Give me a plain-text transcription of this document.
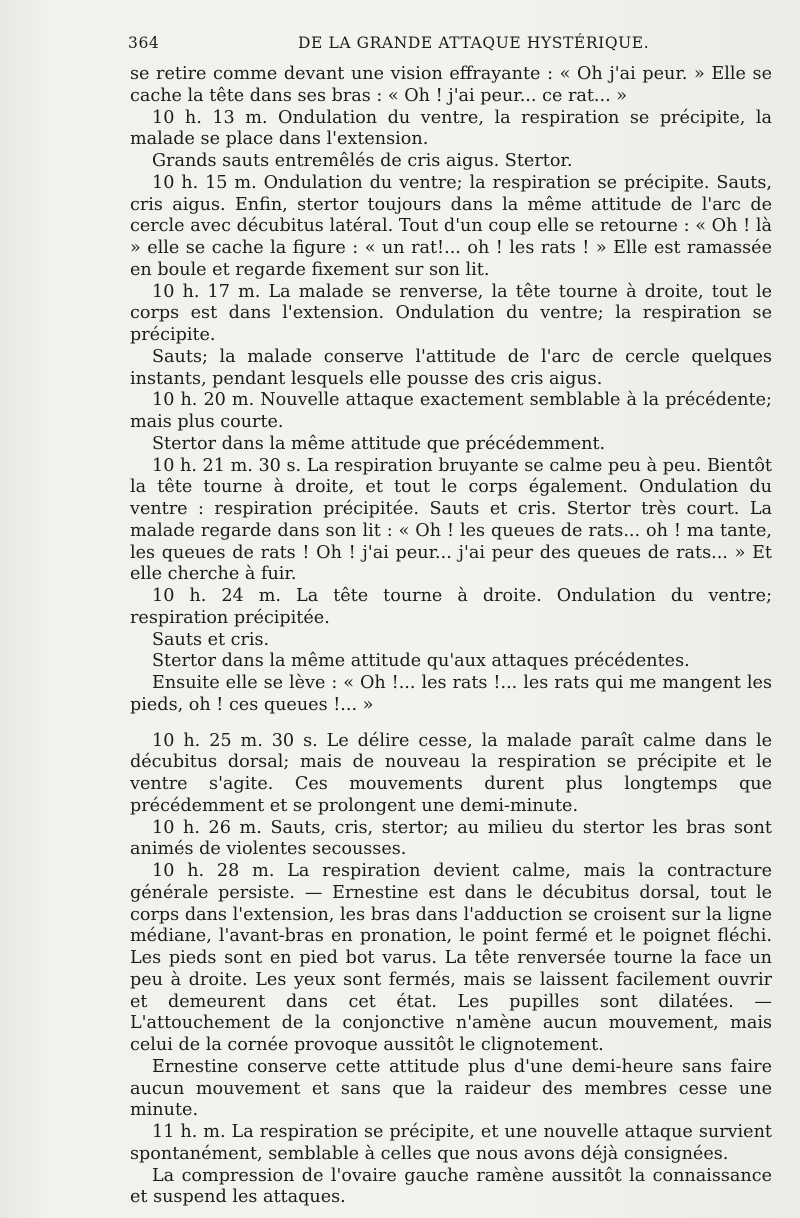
364	DE LA GRANDE ATTAQUE HYSTÉRIQUE.

se retire comme devant une vision effrayante : « Oh j'ai peur. » Elle se cache la tête dans ses bras : « Oh ! j'ai peur... ce rat... »

10 h. 13 m. Ondulation du ventre, la respiration se précipite, la malade se place dans l'extension.

Grands sauts entremêlés de cris aigus. Stertor.

10 h. 15 m. Ondulation du ventre; la respiration se précipite. Sauts, cris aigus. Enfin, stertor toujours dans la même attitude de l'arc de cercle avec décubitus latéral. Tout d'un coup elle se retourne : « Oh ! là » elle se cache la figure : « un rat!... oh ! les rats ! » Elle est ramassée en boule et regarde fixement sur son lit.

10 h. 17 m. La malade se renverse, la tête tourne à droite, tout le corps est dans l'extension. Ondulation du ventre; la respiration se précipite.

Sauts; la malade conserve l'attitude de l'arc de cercle quelques instants, pendant lesquels elle pousse des cris aigus.

10 h. 20 m. Nouvelle attaque exactement semblable à la précédente; mais plus courte.

Stertor dans la même attitude que précédemment.

10 h. 21 m. 30 s. La respiration bruyante se calme peu à peu. Bientôt la tête tourne à droite, et tout le corps également. Ondulation du ventre : respiration précipitée. Sauts et cris. Stertor très court. La malade regarde dans son lit : « Oh ! les queues de rats... oh ! ma tante, les queues de rats ! Oh ! j'ai peur... j'ai peur des queues de rats... » Et elle cherche à fuir.

10 h. 24 m. La tête tourne à droite. Ondulation du ventre; respiration précipitée.

Sauts et cris.

Stertor dans la même attitude qu'aux attaques précédentes.

Ensuite elle se lève : « Oh !... les rats !... les rats qui me mangent les pieds, oh ! ces queues !... »

10 h. 25 m. 30 s. Le délire cesse, la malade paraît calme dans le décubitus dorsal; mais de nouveau la respiration se précipite et le ventre s'agite. Ces mouvements durent plus longtemps que précédemment et se prolongent une demi-minute.

10 h. 26 m. Sauts, cris, stertor; au milieu du stertor les bras sont animés de violentes secousses.

10 h. 28 m. La respiration devient calme, mais la contracture générale persiste. — Ernestine est dans le décubitus dorsal, tout le corps dans l'extension, les bras dans l'adduction se croisent sur la ligne médiane, l'avant-bras en pronation, le point fermé et le poignet fléchi. Les pieds sont en pied bot varus. La tête renversée tourne la face un peu à droite. Les yeux sont fermés, mais se laissent facilement ouvrir et demeurent dans cet état. Les pupilles sont dilatées. — L'attouchement de la conjonctive n'amène aucun mouvement, mais celui de la cornée provoque aussitôt le clignotement.

Ernestine conserve cette attitude plus d'une demi-heure sans faire aucun mouvement et sans que la raideur des membres cesse une minute.

11 h. m. La respiration se précipite, et une nouvelle attaque survient spontanément, semblable à celles que nous avons déjà consignées.

La compression de l'ovaire gauche ramène aussitôt la connaissance et suspend les attaques.
